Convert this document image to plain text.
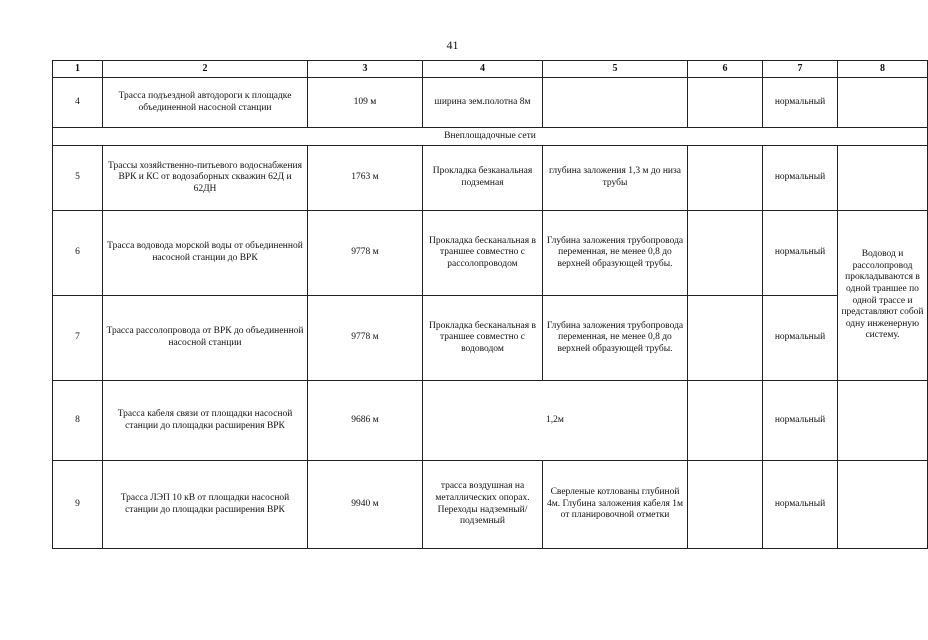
41
1	2	3	4	5	6	7	8
4	Трасса подъездной автодороги к площадке объединенной насосной станции	109 м	ширина зем.полотна 8м			нормальный	
Внеплощадочные сети							
5	Трассы хозяйственно-питьевого водоснабжения ВРК и КС от водозаборных скважин 62Д и 62ДН	1763 м	Прокладка безканальная подземная	глубина заложения 1,3 м до низа трубы		нормальный	
6	Трасса водовода морской воды от объединенной насосной станции до ВРК	9778 м	Прокладка бесканальная в траншее совместно с рассолопроводом	Глубина заложения трубопровода переменная, не менее 0,8 до верхней образующей трубы.		нормальный	Водовод и рассолопровод прокладываются в одной траншее по одной трассе и представляют собой одну инженерную систему.
7	Трасса рассолопровода от ВРК до объединенной насосной станции	9778 м	Прокладка бесканальная в траншее совместно с водоводом	Глубина заложения трубопровода переменная, не менее 0,8 до верхней образующей трубы.		нормальный	
8	Трасса кабеля связи от площадки насосной станции до площадки расширения ВРК	9686 м	1,2м			нормальный	
9	Трасса ЛЭП 10 кВ от площадки насосной станции до площадки расширения ВРК	9940 м	трасса воздушная на металлических опорах. Переходы надземный/подземный	Сверленые котлованы глубиной 4м. Глубина заложения кабеля 1м от планировочной отметки		нормальный	
